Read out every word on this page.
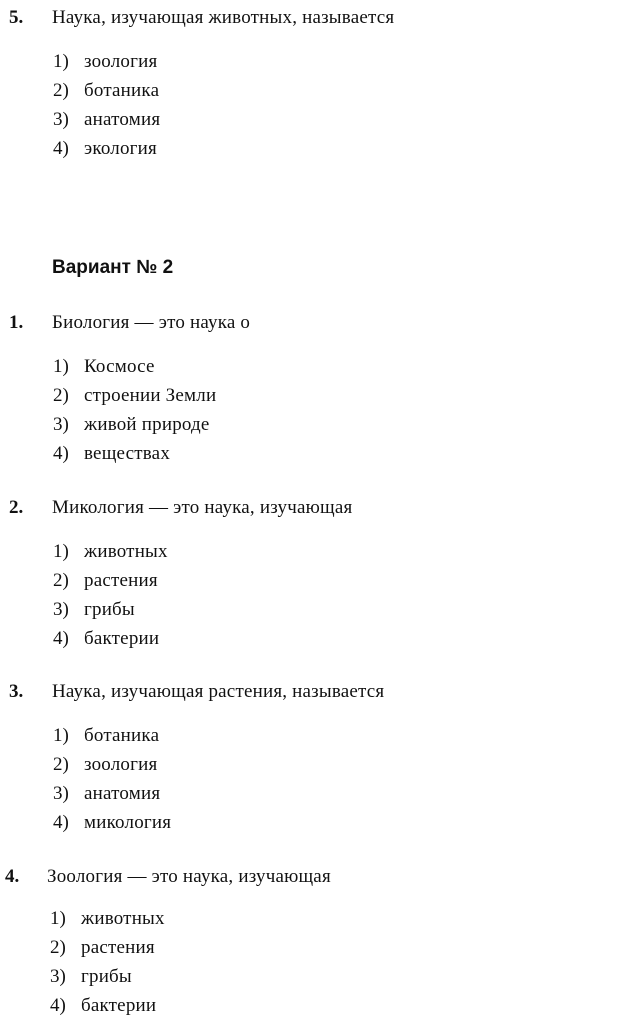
5. Наука, изучающая животных, называется
1) зоология
2) ботаника
3) анатомия
4) экология
Вариант № 2
1. Биология — это наука о
1) Космосе
2) строении Земли
3) живой природе
4) веществах
2. Микология — это наука, изучающая
1) животных
2) растения
3) грибы
4) бактерии
3. Наука, изучающая растения, называется
1) ботаника
2) зоология
3) анатомия
4) микология
4. Зоология — это наука, изучающая
1) животных
2) растения
3) грибы
4) бактерии
